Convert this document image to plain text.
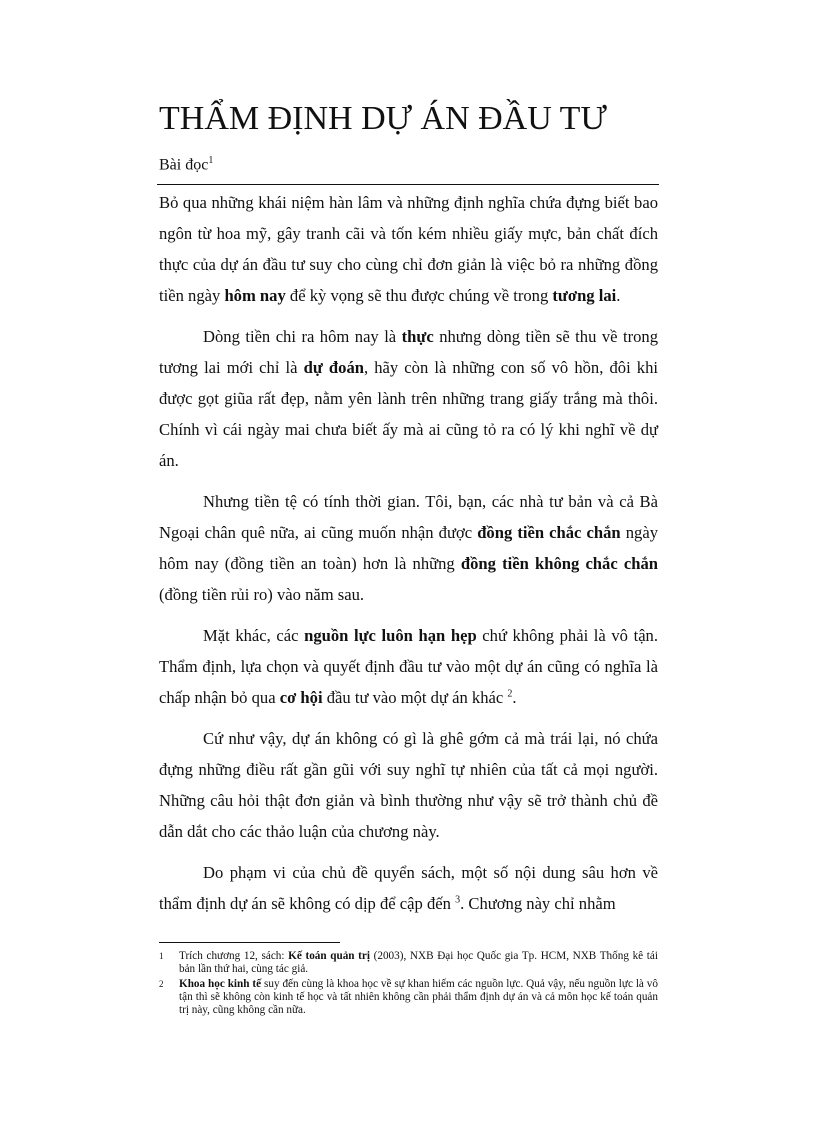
THẨM ĐỊNH DỰ ÁN ĐẦU TƯ
Bài đọc$^1$

Bỏ qua những khái niệm hàn lâm và những định nghĩa chứa đựng biết bao ngôn từ hoa mỹ, gây tranh cãi và tốn kém nhiều giấy mực, bản chất đích thực của dự án đầu tư suy cho cùng chỉ đơn giản là việc bỏ ra những đồng tiền ngày hôm nay để kỳ vọng sẽ thu được chúng về trong tương lai.

Dòng tiền chi ra hôm nay là thực nhưng dòng tiền sẽ thu về trong tương lai mới chỉ là dự đoán, hãy còn là những con số vô hồn, đôi khi được gọt giũa rất đẹp, nằm yên lành trên những trang giấy trắng mà thôi. Chính vì cái ngày mai chưa biết ấy mà ai cũng tỏ ra có lý khi nghĩ về dự án.

Nhưng tiền tệ có tính thời gian. Tôi, bạn, các nhà tư bản và cả Bà Ngoại chân quê nữa, ai cũng muốn nhận được đồng tiền chắc chắn ngày hôm nay (đồng tiền an toàn) hơn là những đồng tiền không chắc chắn (đồng tiền rủi ro) vào năm sau.

Mặt khác, các nguồn lực luôn hạn hẹp chứ không phải là vô tận. Thẩm định, lựa chọn và quyết định đầu tư vào một dự án cũng có nghĩa là chấp nhận bỏ qua cơ hội đầu tư vào một dự án khác $^2$.

Cứ như vậy, dự án không có gì là ghê gớm cả mà trái lại, nó chứa đựng những điều rất gần gũi với suy nghĩ tự nhiên của tất cả mọi người. Những câu hỏi thật đơn giản và bình thường như vậy sẽ trở thành chủ đề dẫn dắt cho các thảo luận của chương này.

Do phạm vi của chủ đề quyển sách, một số nội dung sâu hơn về thẩm định dự án sẽ không có dịp để cập đến $^3$. Chương này chỉ nhằm

1	Trích chương 12, sách: Kế toán quản trị (2003), NXB Đại học Quốc gia Tp. HCM, NXB Thống kê tái bản lần thứ hai, cùng tác giả.
2	Khoa học kinh tế suy đến cùng là khoa học về sự khan hiếm các nguồn lực. Quả vậy, nếu nguồn lực là vô tận thì sẽ không còn kinh tế học và tất nhiên không cần phải thẩm định dự án và cả môn học kế toán quản trị này, cũng không cần nữa.
